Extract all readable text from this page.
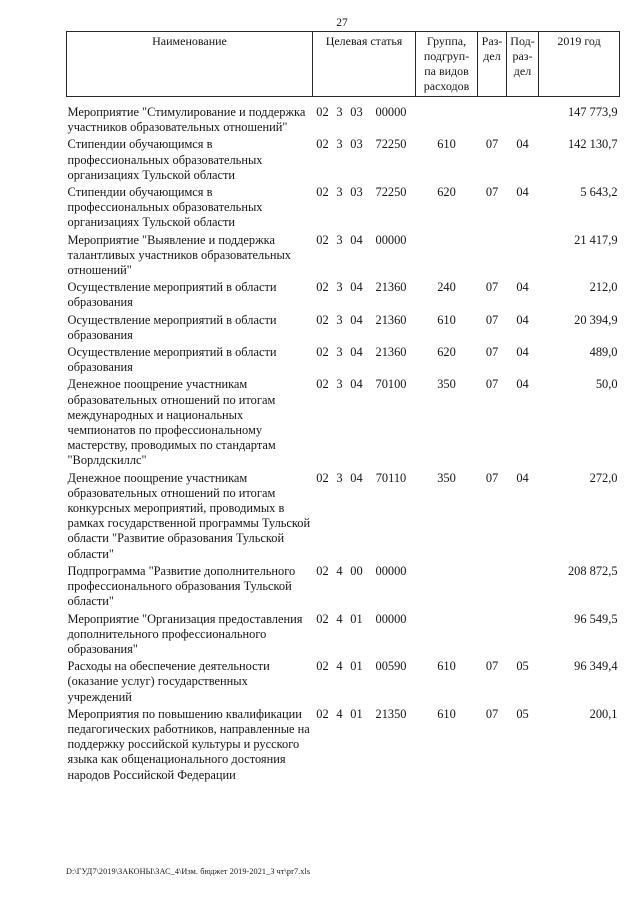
27
Наименование	Целевая статья				Группа, подгруп-па видов расходов	Раз-дел	Под-раз-дел	2019 год
Мероприятие "Стимулирование и поддержка участников образовательных отношений"	02	3	03	00000				147 773,9
Стипендии обучающимся в профессиональных образовательных организациях Тульской области	02	3	03	72250	610	07	04	142 130,7
Стипендии обучающимся в профессиональных образовательных организациях Тульской области	02	3	03	72250	620	07	04	5 643,2
Мероприятие "Выявление и поддержка талантливых участников образовательных отношений"	02	3	04	00000				21 417,9
Осуществление мероприятий в области образования	02	3	04	21360	240	07	04	212,0
Осуществление мероприятий в области образования	02	3	04	21360	610	07	04	20 394,9
Осуществление мероприятий в области образования	02	3	04	21360	620	07	04	489,0
Денежное поощрение участникам образовательных отношений по итогам международных и национальных чемпионатов по профессиональному мастерству, проводимых по стандартам "Ворлдскиллс"	02	3	04	70100	350	07	04	50,0
Денежное поощрение участникам образовательных отношений по итогам конкурсных мероприятий, проводимых в рамках государственной программы Тульской области "Развитие образования Тульской области"	02	3	04	70110	350	07	04	272,0
Подпрограмма "Развитие дополнительного профессионального образования Тульской области"	02	4	00	00000				208 872,5
Мероприятие "Организация предоставления дополнительного профессионального образования"	02	4	01	00000				96 549,5
Расходы на обеспечение деятельности (оказание услуг) государственных учреждений	02	4	01	00590	610	07	05	96 349,4
Мероприятия по повышению квалификации педагогических работников, направленные на поддержку российской культуры и русского языка как общенационального достояния народов Российской Федерации	02	4	01	21350	610	07	05	200,1
D:\ГУД7\2019\ЗАКОНЫ\ЗАС_4\Изм. бюджет 2019-2021_3 чт\pr7.xls
